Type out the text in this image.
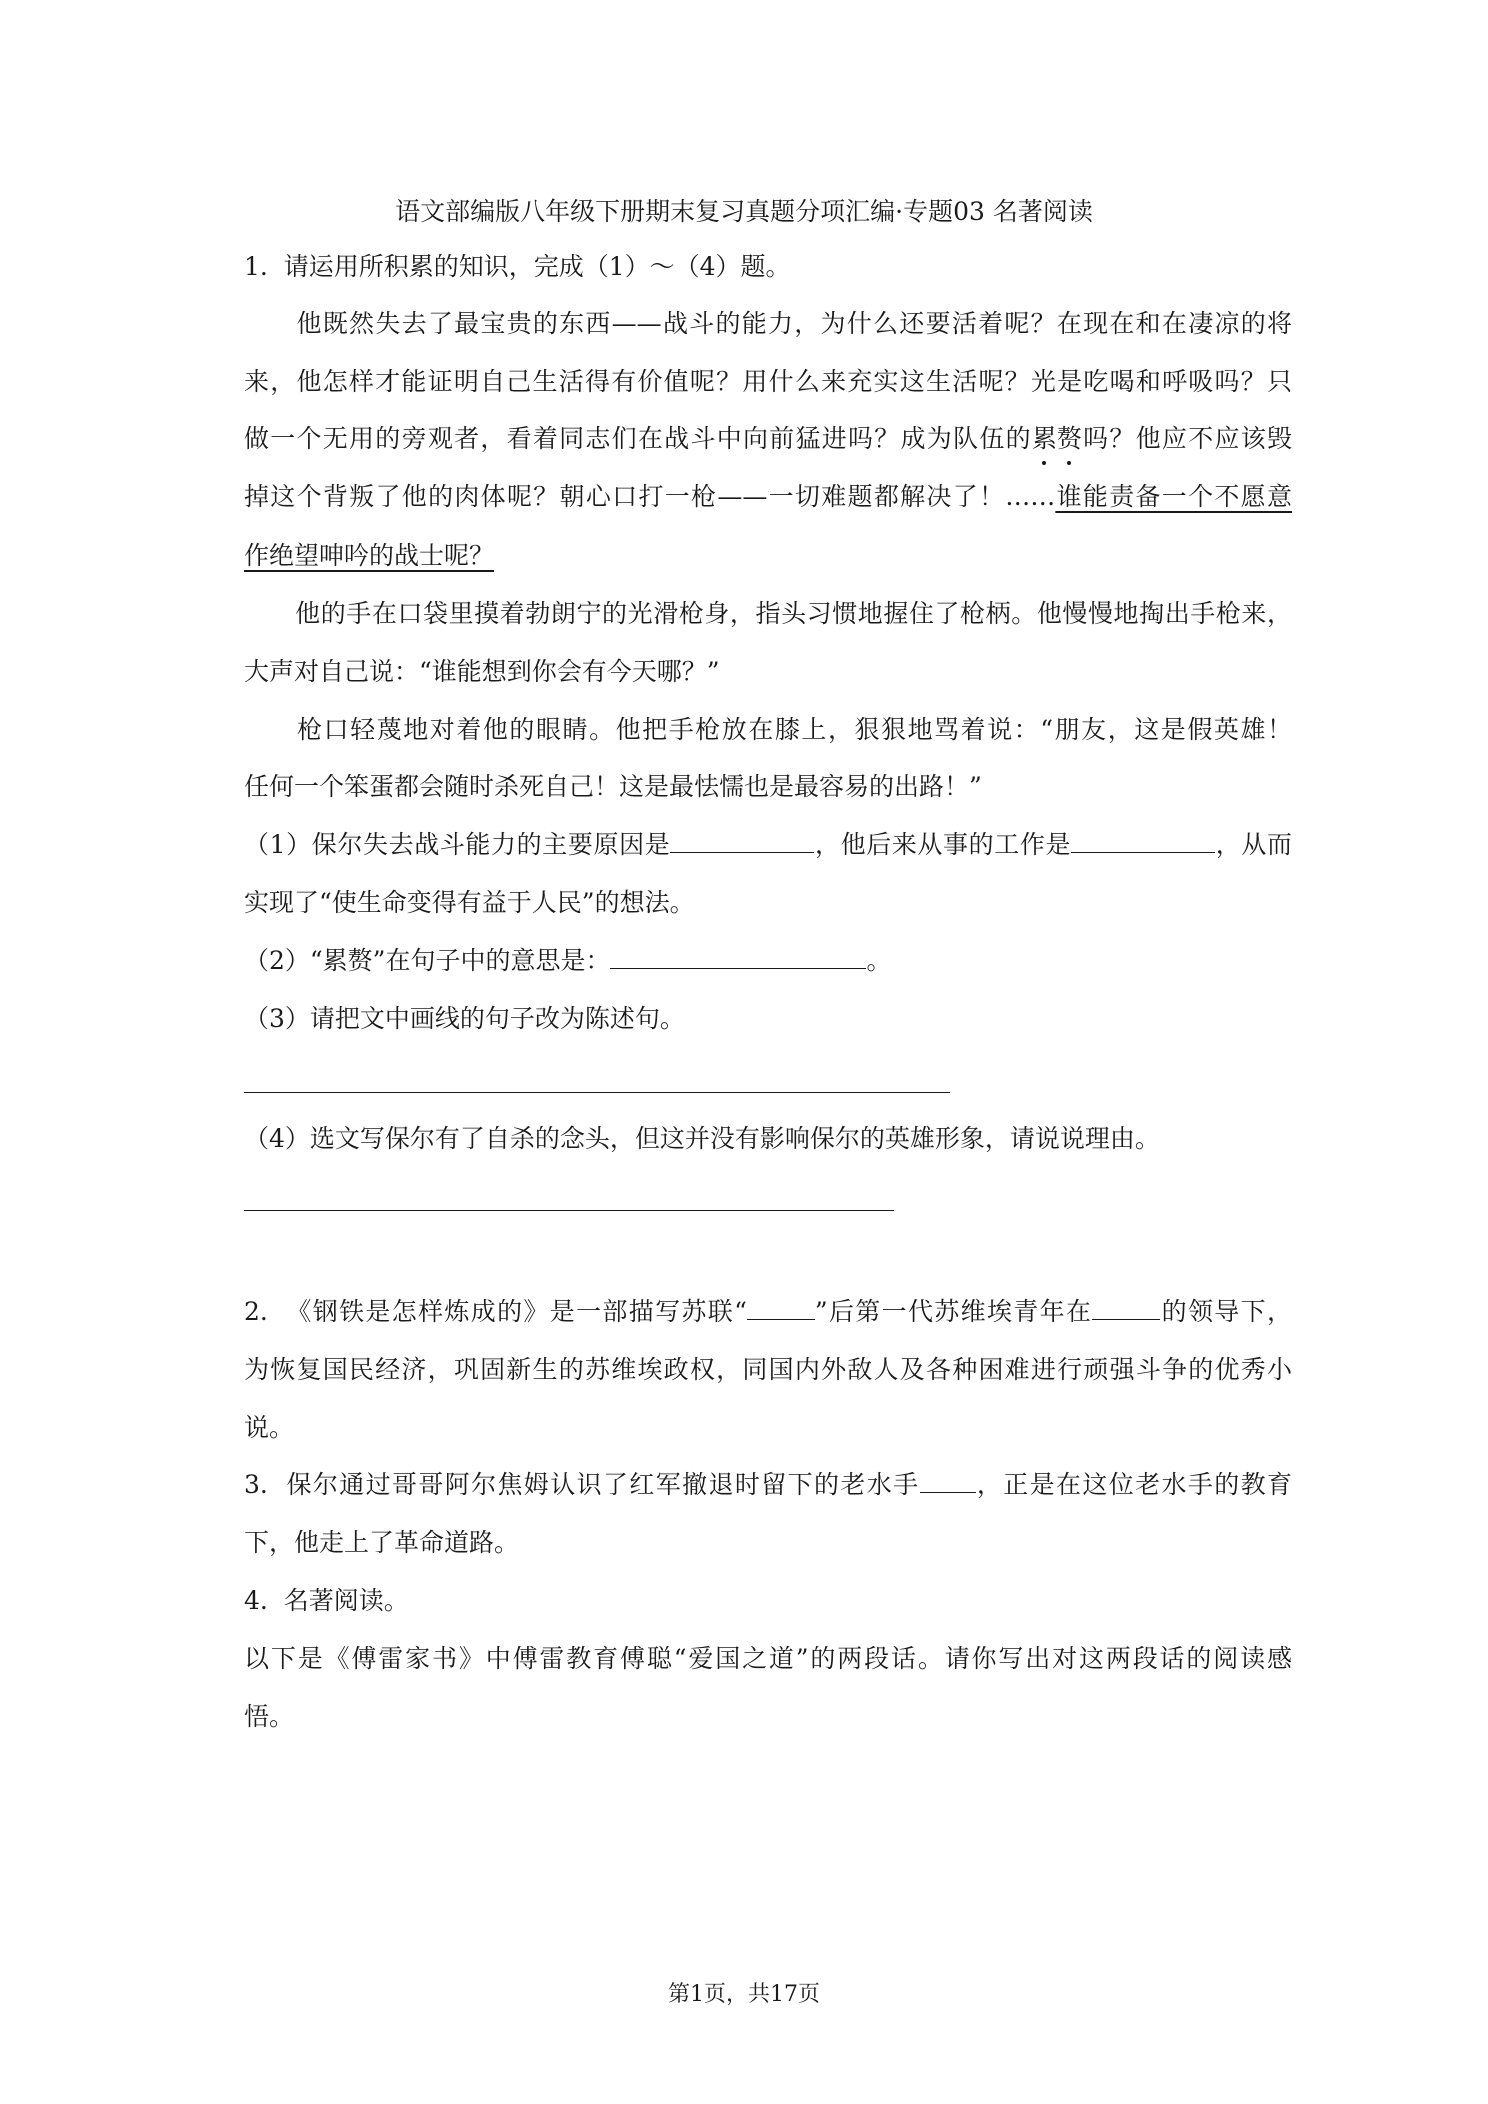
语文部编版八年级下册期末复习真题分项汇编·专题03 名著阅读
1.  请运用所积累的知识，完成（1）～（4）题。
　　他既然失去了最宝贵的东西——战斗的能力，为什么还要活着呢？在现在和在凄凉的将
来，他怎样才能证明自己生活得有价值呢？用什么来充实这生活呢？光是吃喝和呼吸吗？只
做一个无用的旁观者，看着同志们在战斗中向前猛进吗？成为队伍的累赘吗？他应不应该毁
掉这个背叛了他的肉体呢？朝心口打一枪——一切难题都解决了！……谁能责备一个不愿意
作绝望呻吟的战士呢？
　　他的手在口袋里摸着勃朗宁的光滑枪身，指头习惯地握住了枪柄。他慢慢地掏出手枪来，
大声对自己说：“谁能想到你会有今天哪？”
　　枪口轻蔑地对着他的眼睛。他把手枪放在膝上，狠狠地骂着说：“朋友，这是假英雄！
任何一个笨蛋都会随时杀死自己！这是最怯懦也是最容易的出路！”
（1）保尔失去战斗能力的主要原因是	，他后来从事的工作是	，从而
实现了“使生命变得有益于人民”的想法。
（2）“累赘”在句子中的意思是：	。
（3）请把文中画线的句子改为陈述句。
（4）选文写保尔有了自杀的念头，但这并没有影响保尔的英雄形象，请说说理由。
2.  《钢铁是怎样炼成的》是一部描写苏联“	”后第一代苏维埃青年在	的领导下，
为恢复国民经济，巩固新生的苏维埃政权，同国内外敌人及各种困难进行顽强斗争的优秀小
说。
3.  保尔通过哥哥阿尔焦姆认识了红军撤退时留下的老水手 ，正是在这位老水手的教育
下，他走上了革命道路。
4.  名著阅读。
以下是《傅雷家书》中傅雷教育傅聪“爱国之道”的两段话。请你写出对这两段话的阅读感
悟。
第1页，共17页
